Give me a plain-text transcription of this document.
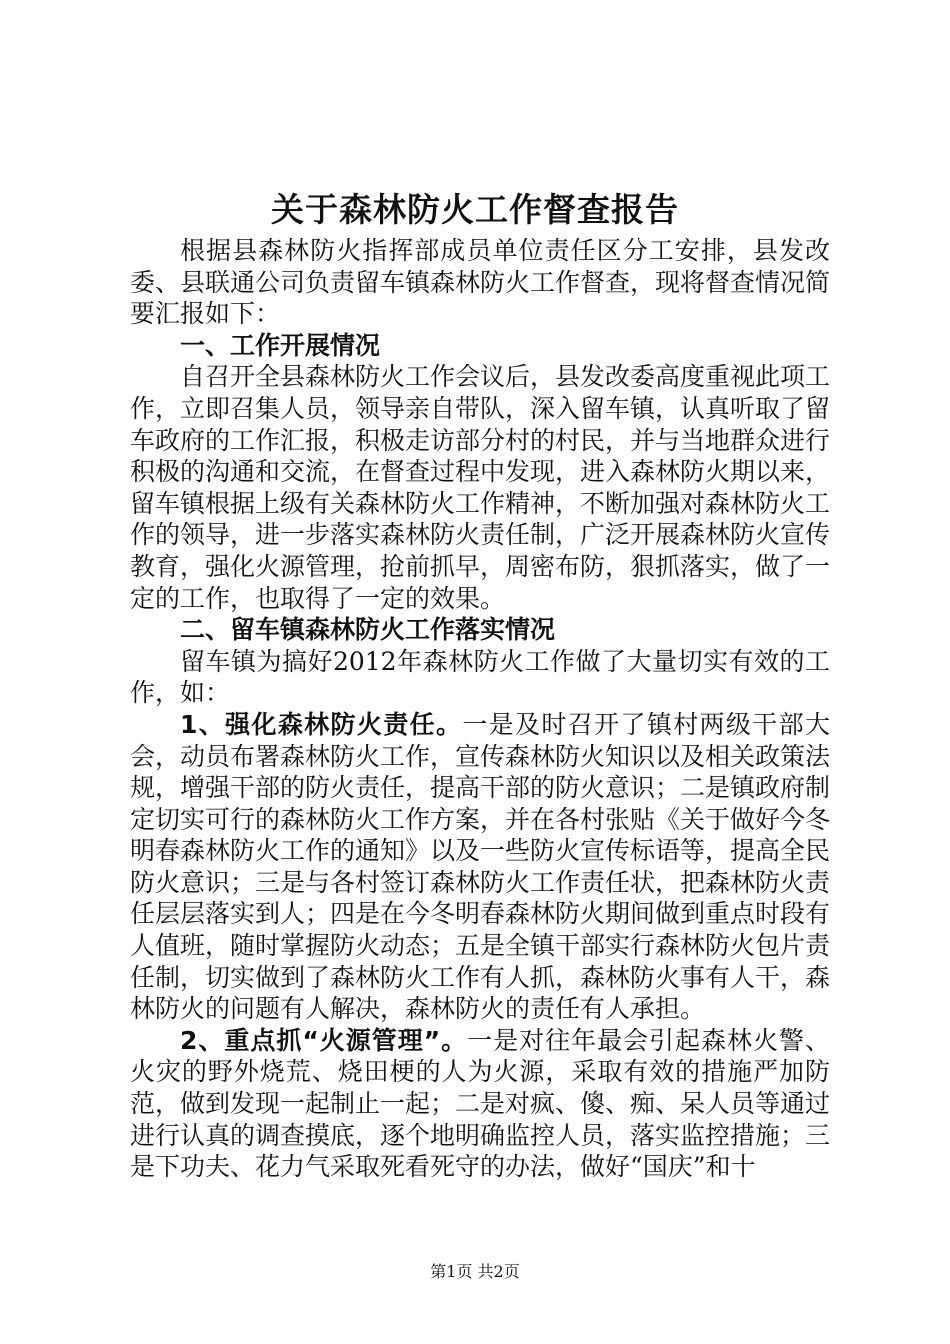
关于森林防火工作督查报告

根据县森林防火指挥部成员单位责任区分工安排，县发改委、县联通公司负责留车镇森林防火工作督查，现将督查情况简要汇报如下：

一、工作开展情况

自召开全县森林防火工作会议后，县发改委高度重视此项工作，立即召集人员，领导亲自带队，深入留车镇，认真听取了留车政府的工作汇报，积极走访部分村的村民，并与当地群众进行积极的沟通和交流，在督查过程中发现，进入森林防火期以来，留车镇根据上级有关森林防火工作精神，不断加强对森林防火工作的领导，进一步落实森林防火责任制，广泛开展森林防火宣传教育，强化火源管理，抢前抓早，周密布防，狠抓落实，做了一定的工作，也取得了一定的效果。

二、留车镇森林防火工作落实情况

留车镇为搞好2012年森林防火工作做了大量切实有效的工作，如：

1、强化森林防火责任。一是及时召开了镇村两级干部大会，动员布署森林防火工作，宣传森林防火知识以及相关政策法规，增强干部的防火责任，提高干部的防火意识；二是镇政府制定切实可行的森林防火工作方案，并在各村张贴《关于做好今冬明春森林防火工作的通知》以及一些防火宣传标语等，提高全民防火意识；三是与各村签订森林防火工作责任状，把森林防火责任层层落实到人；四是在今冬明春森林防火期间做到重点时段有人值班，随时掌握防火动态；五是全镇干部实行森林防火包片责任制，切实做到了森林防火工作有人抓，森林防火事有人干，森林防火的问题有人解决，森林防火的责任有人承担。

2、重点抓“火源管理”。一是对往年最会引起森林火警、火灾的野外烧荒、烧田梗的人为火源，采取有效的措施严加防范，做到发现一起制止一起；二是对疯、傻、痴、呆人员等通过进行认真的调查摸底，逐个地明确监控人员，落实监控措施；三是下功夫、花力气采取死看死守的办法，做好“国庆”和十

第1页 共2页
